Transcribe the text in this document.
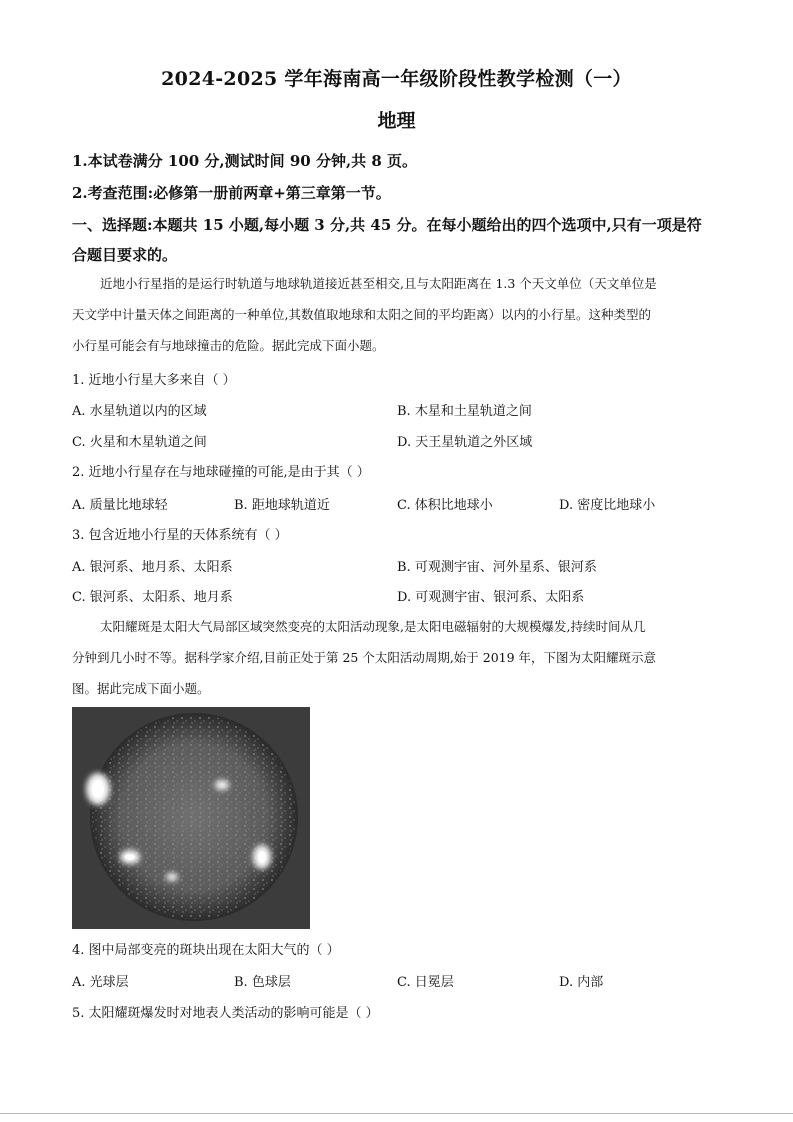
2024-2025 学年海南高一年级阶段性教学检测（一）
地理
1.本试卷满分 100 分,测试时间 90 分钟,共 8 页。
2.考查范围:必修第一册前两章+第三章第一节。
一、选择题:本题共 15 小题,每小题 3 分,共 45 分。在每小题给出的四个选项中,只有一项是符
合题目要求的。

近地小行星指的是运行时轨道与地球轨道接近甚至相交,且与太阳距离在 1.3 个天文单位（天文单位是

天文学中计量天体之间距离的一种单位,其数值取地球和太阳之间的平均距离）以内的小行星。这种类型的

小行星可能会有与地球撞击的危险。据此完成下面小题。

1. 近地小行星大多来自（ ）
A. 水星轨道以内的区域	B. 木星和土星轨道之间
C. 火星和木星轨道之间	D. 天王星轨道之外区域
2. 近地小行星存在与地球碰撞的可能,是由于其（ ）
A. 质量比地球轻	B. 距地球轨道近	C. 体积比地球小	D. 密度比地球小
3. 包含近地小行星的天体系统有（ ）
A. 银河系、地月系、太阳系	B. 可观测宇宙、河外星系、银河系
C. 银河系、太阳系、地月系	D. 可观测宇宙、银河系、太阳系

太阳耀斑是太阳大气局部区域突然变亮的太阳活动现象,是太阳电磁辐射的大规模爆发,持续时间从几

分钟到几小时不等。据科学家介绍,目前正处于第 25 个太阳活动周期,始于 2019 年，下图为太阳耀斑示意

图。据此完成下面小题。

4. 图中局部变亮的斑块出现在太阳大气的（ ）
A. 光球层	B. 色球层	C. 日冕层	D. 内部
5. 太阳耀斑爆发时对地表人类活动的影响可能是（ ）
